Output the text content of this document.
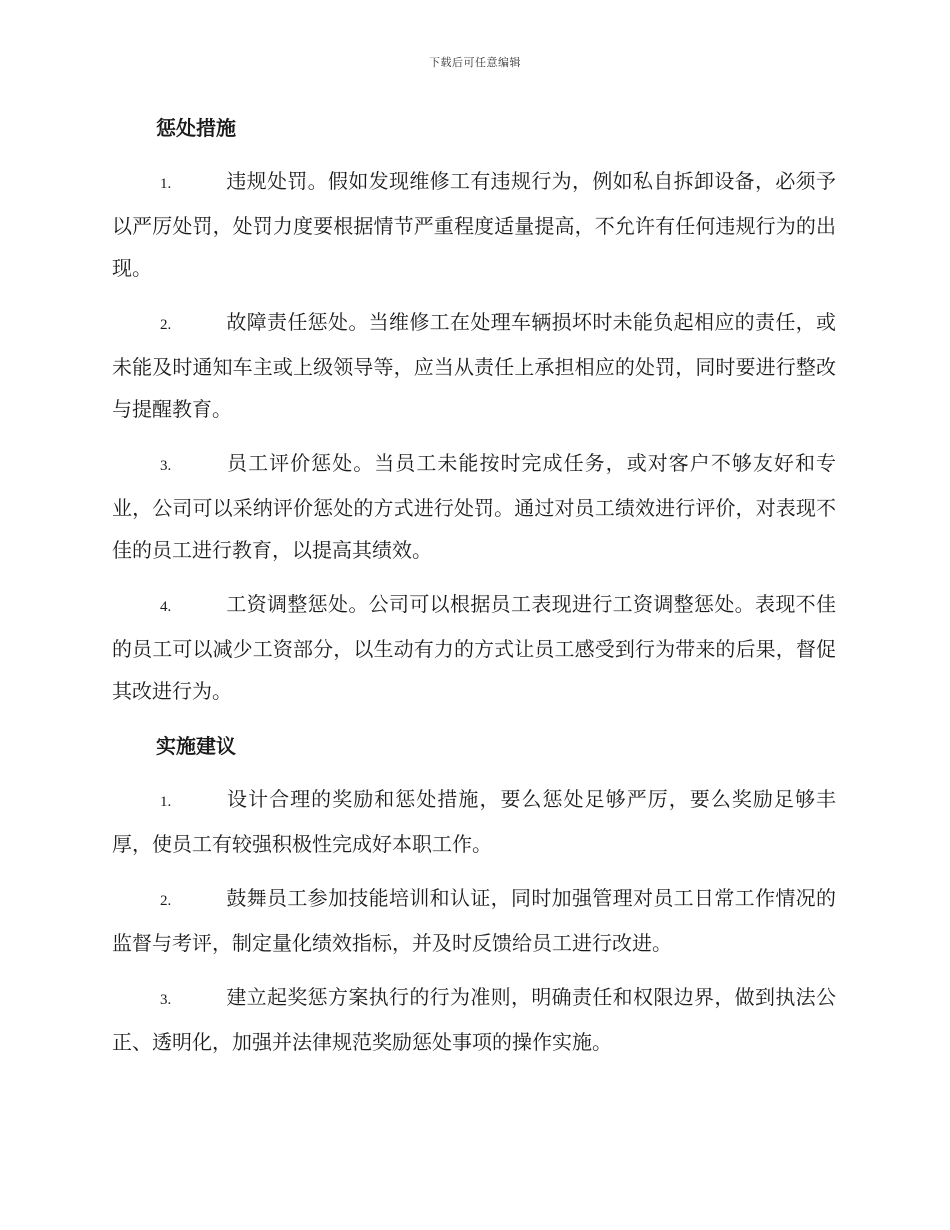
下载后可任意编辑
惩处措施

1.	违规处罚。假如发现维修工有违规行为，例如私自拆卸设备，必须予以严厉处罚，处罚力度要根据情节严重程度适量提高，不允许有任何违规行为的出现。

2.	故障责任惩处。当维修工在处理车辆损坏时未能负起相应的责任，或未能及时通知车主或上级领导等，应当从责任上承担相应的处罚，同时要进行整改与提醒教育。

3.	员工评价惩处。当员工未能按时完成任务，或对客户不够友好和专业，公司可以采纳评价惩处的方式进行处罚。通过对员工绩效进行评价，对表现不佳的员工进行教育，以提高其绩效。

4.	工资调整惩处。公司可以根据员工表现进行工资调整惩处。表现不佳的员工可以减少工资部分，以生动有力的方式让员工感受到行为带来的后果，督促其改进行为。

实施建议

1.	设计合理的奖励和惩处措施，要么惩处足够严厉，要么奖励足够丰厚，使员工有较强积极性完成好本职工作。

2.	鼓舞员工参加技能培训和认证，同时加强管理对员工日常工作情况的监督与考评，制定量化绩效指标，并及时反馈给员工进行改进。

3.	建立起奖惩方案执行的行为准则，明确责任和权限边界，做到执法公正、透明化，加强并法律规范奖励惩处事项的操作实施。
